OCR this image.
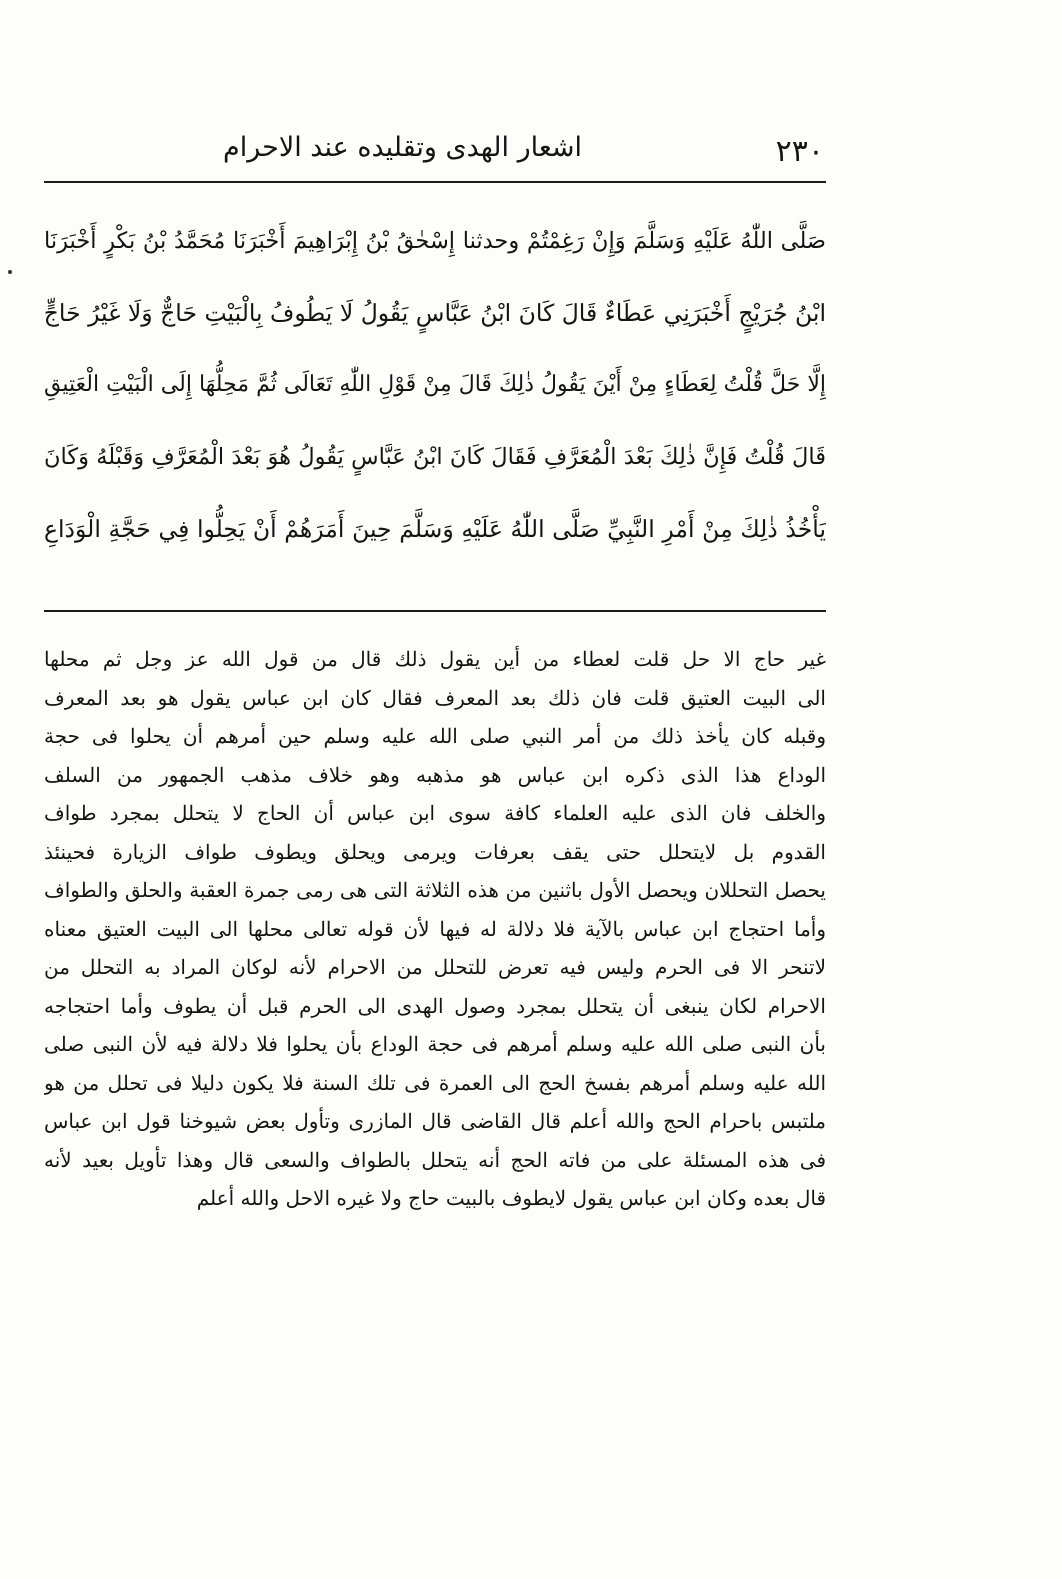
٢٣٠
اشعار الهدى وتقليده عند الاحرام
صَلَّى اللّٰهُ عَلَيْهِ وَسَلَّمَ وَإِنْ رَغِمْتُمْ وحدثنا إِسْحٰقُ بْنُ إِبْرَاهِيمَ أَخْبَرَنَا مُحَمَّدُ بْنُ بَكْرٍ أَخْبَرَنَا
ابْنُ جُرَيْجٍ أَخْبَرَنِي عَطَاءٌ قَالَ كَانَ ابْنُ عَبَّاسٍ يَقُولُ لَا يَطُوفُ بِالْبَيْتِ حَاجٌّ وَلَا غَيْرُ حَاجٍّ
إِلَّا حَلَّ قُلْتُ لِعَطَاءٍ مِنْ أَيْنَ يَقُولُ ذٰلِكَ قَالَ مِنْ قَوْلِ اللّٰهِ تَعَالَى ثُمَّ مَحِلُّهَا إِلَى الْبَيْتِ الْعَتِيقِ
قَالَ قُلْتُ فَإِنَّ ذٰلِكَ بَعْدَ الْمُعَرَّفِ فَقَالَ كَانَ ابْنُ عَبَّاسٍ يَقُولُ هُوَ بَعْدَ الْمُعَرَّفِ وَقَبْلَهُ وَكَانَ
يَأْخُذُ ذٰلِكَ مِنْ أَمْرِ النَّبِيِّ صَلَّى اللّٰهُ عَلَيْهِ وَسَلَّمَ حِينَ أَمَرَهُمْ أَنْ يَحِلُّوا فِي حَجَّةِ الْوَدَاعِ
غير حاج الا حل قلت لعطاء من أين يقول ذلك قال من قول الله عز وجل ثم محلها
الى البيت العتيق قلت فان ذلك بعد المعرف فقال كان ابن عباس يقول هو بعد المعرف
وقبله كان يأخذ ذلك من أمر النبي صلى الله عليه وسلم حين أمرهم أن يحلوا فى حجة
الوداع هذا الذى ذكره ابن عباس هو مذهبه وهو خلاف مذهب الجمهور من السلف
والخلف فان الذى عليه العلماء كافة سوى ابن عباس أن الحاج لا يتحلل بمجرد طواف
القدوم بل لايتحلل حتى يقف بعرفات ويرمى ويحلق ويطوف طواف الزيارة فحينئذ
يحصل التحللان ويحصل الأول باثنين من هذه الثلاثة التى هى رمى جمرة العقبة والحلق والطواف
وأما احتجاج ابن عباس بالآية فلا دلالة له فيها لأن قوله تعالى محلها الى البيت العتيق معناه
لاتنحر الا فى الحرم وليس فيه تعرض للتحلل من الاحرام لأنه لوكان المراد به التحلل من
الاحرام لكان ينبغى أن يتحلل بمجرد وصول الهدى الى الحرم قبل أن يطوف وأما احتجاجه
بأن النبى صلى الله عليه وسلم أمرهم فى حجة الوداع بأن يحلوا فلا دلالة فيه لأن النبى صلى
الله عليه وسلم أمرهم بفسخ الحج الى العمرة فى تلك السنة فلا يكون دليلا فى تحلل من هو
ملتبس باحرام الحج والله أعلم قال القاضى قال المازرى وتأول بعض شيوخنا قول ابن عباس
فى هذه المسئلة على من فاته الحج أنه يتحلل بالطواف والسعى قال وهذا تأويل بعيد لأنه
قال بعده وكان ابن عباس يقول لايطوف بالبيت حاج ولا غيره الاحل والله أعلم
